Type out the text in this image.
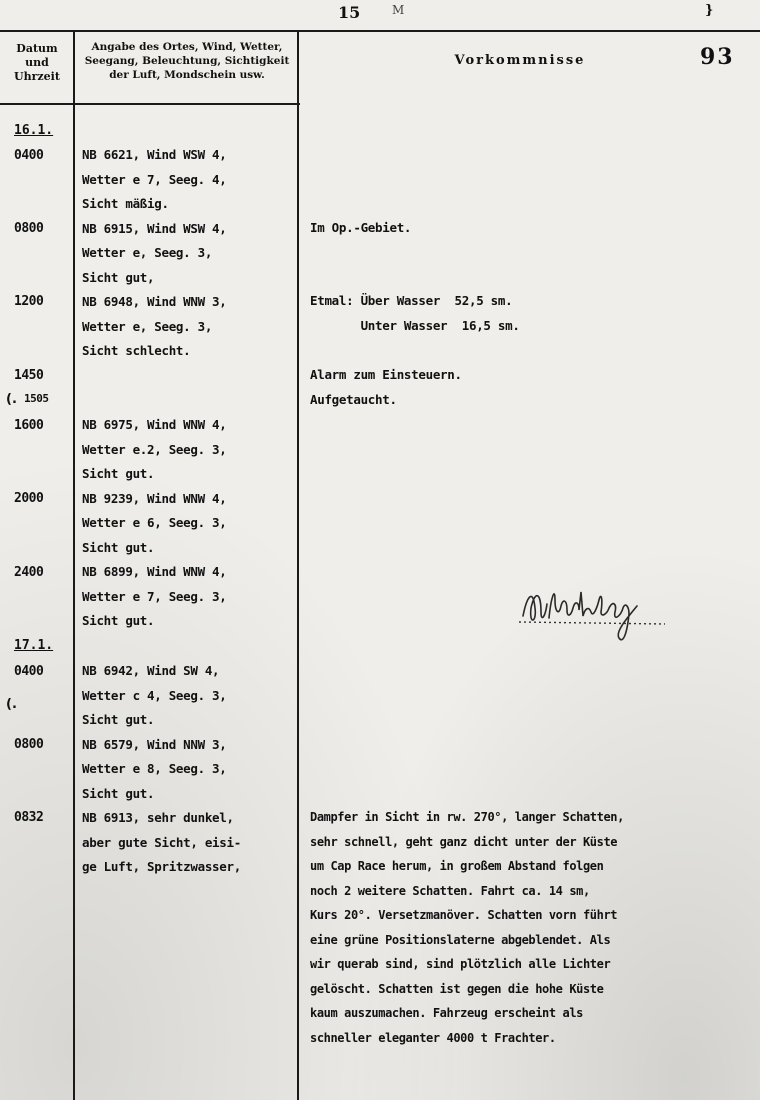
15	M	}
93
Datum
und
Uhrzeit
Angabe des Ortes, Wind, Wetter,
Seegang, Beleuchtung, Sichtigkeit
der Luft, Mondschein usw.
Vorkommnisse
16.1.
17.1.
0400
0800
1200
1450
(. 1505
1600
2000
2400
0400
(.
0800
0832
NB 6621, Wind WSW 4,
Wetter e 7, Seeg. 4,
Sicht mäßig.
NB 6915, Wind WSW 4,
Wetter e, Seeg. 3,
Sicht gut,
NB 6948, Wind WNW 3,
Wetter e, Seeg. 3,
Sicht schlecht.
NB 6975, Wind WNW 4,
Wetter e.2, Seeg. 3,
Sicht gut.
NB 9239, Wind WNW 4,
Wetter e 6, Seeg. 3,
Sicht gut.
NB 6899, Wind WNW 4,
Wetter e 7, Seeg. 3,
Sicht gut.
NB 6942, Wind SW 4,
Wetter c 4, Seeg. 3,
Sicht gut.
NB 6579, Wind NNW 3,
Wetter e 8, Seeg. 3,
Sicht gut.
NB 6913, sehr dunkel,
aber gute Sicht, eisi-
ge Luft, Spritzwasser,
Im Op.-Gebiet.
Etmal: Über Wasser  52,5 sm.
Unter Wasser  16,5 sm.
Alarm zum Einsteuern.
Aufgetaucht.
Dampfer in Sicht in rw. 270°, langer Schatten,
sehr schnell, geht ganz dicht unter der Küste
um Cap Race herum, in großem Abstand folgen
noch 2 weitere Schatten. Fahrt ca. 14 sm,
Kurs 20°. Versetzmanöver. Schatten vorn führt
eine grüne Positionslaterne abgeblendet. Als
wir querab sind, sind plötzlich alle Lichter
gelöscht. Schatten ist gegen die hohe Küste
kaum auszumachen. Fahrzeug erscheint als
schneller eleganter 4000 t Frachter.
